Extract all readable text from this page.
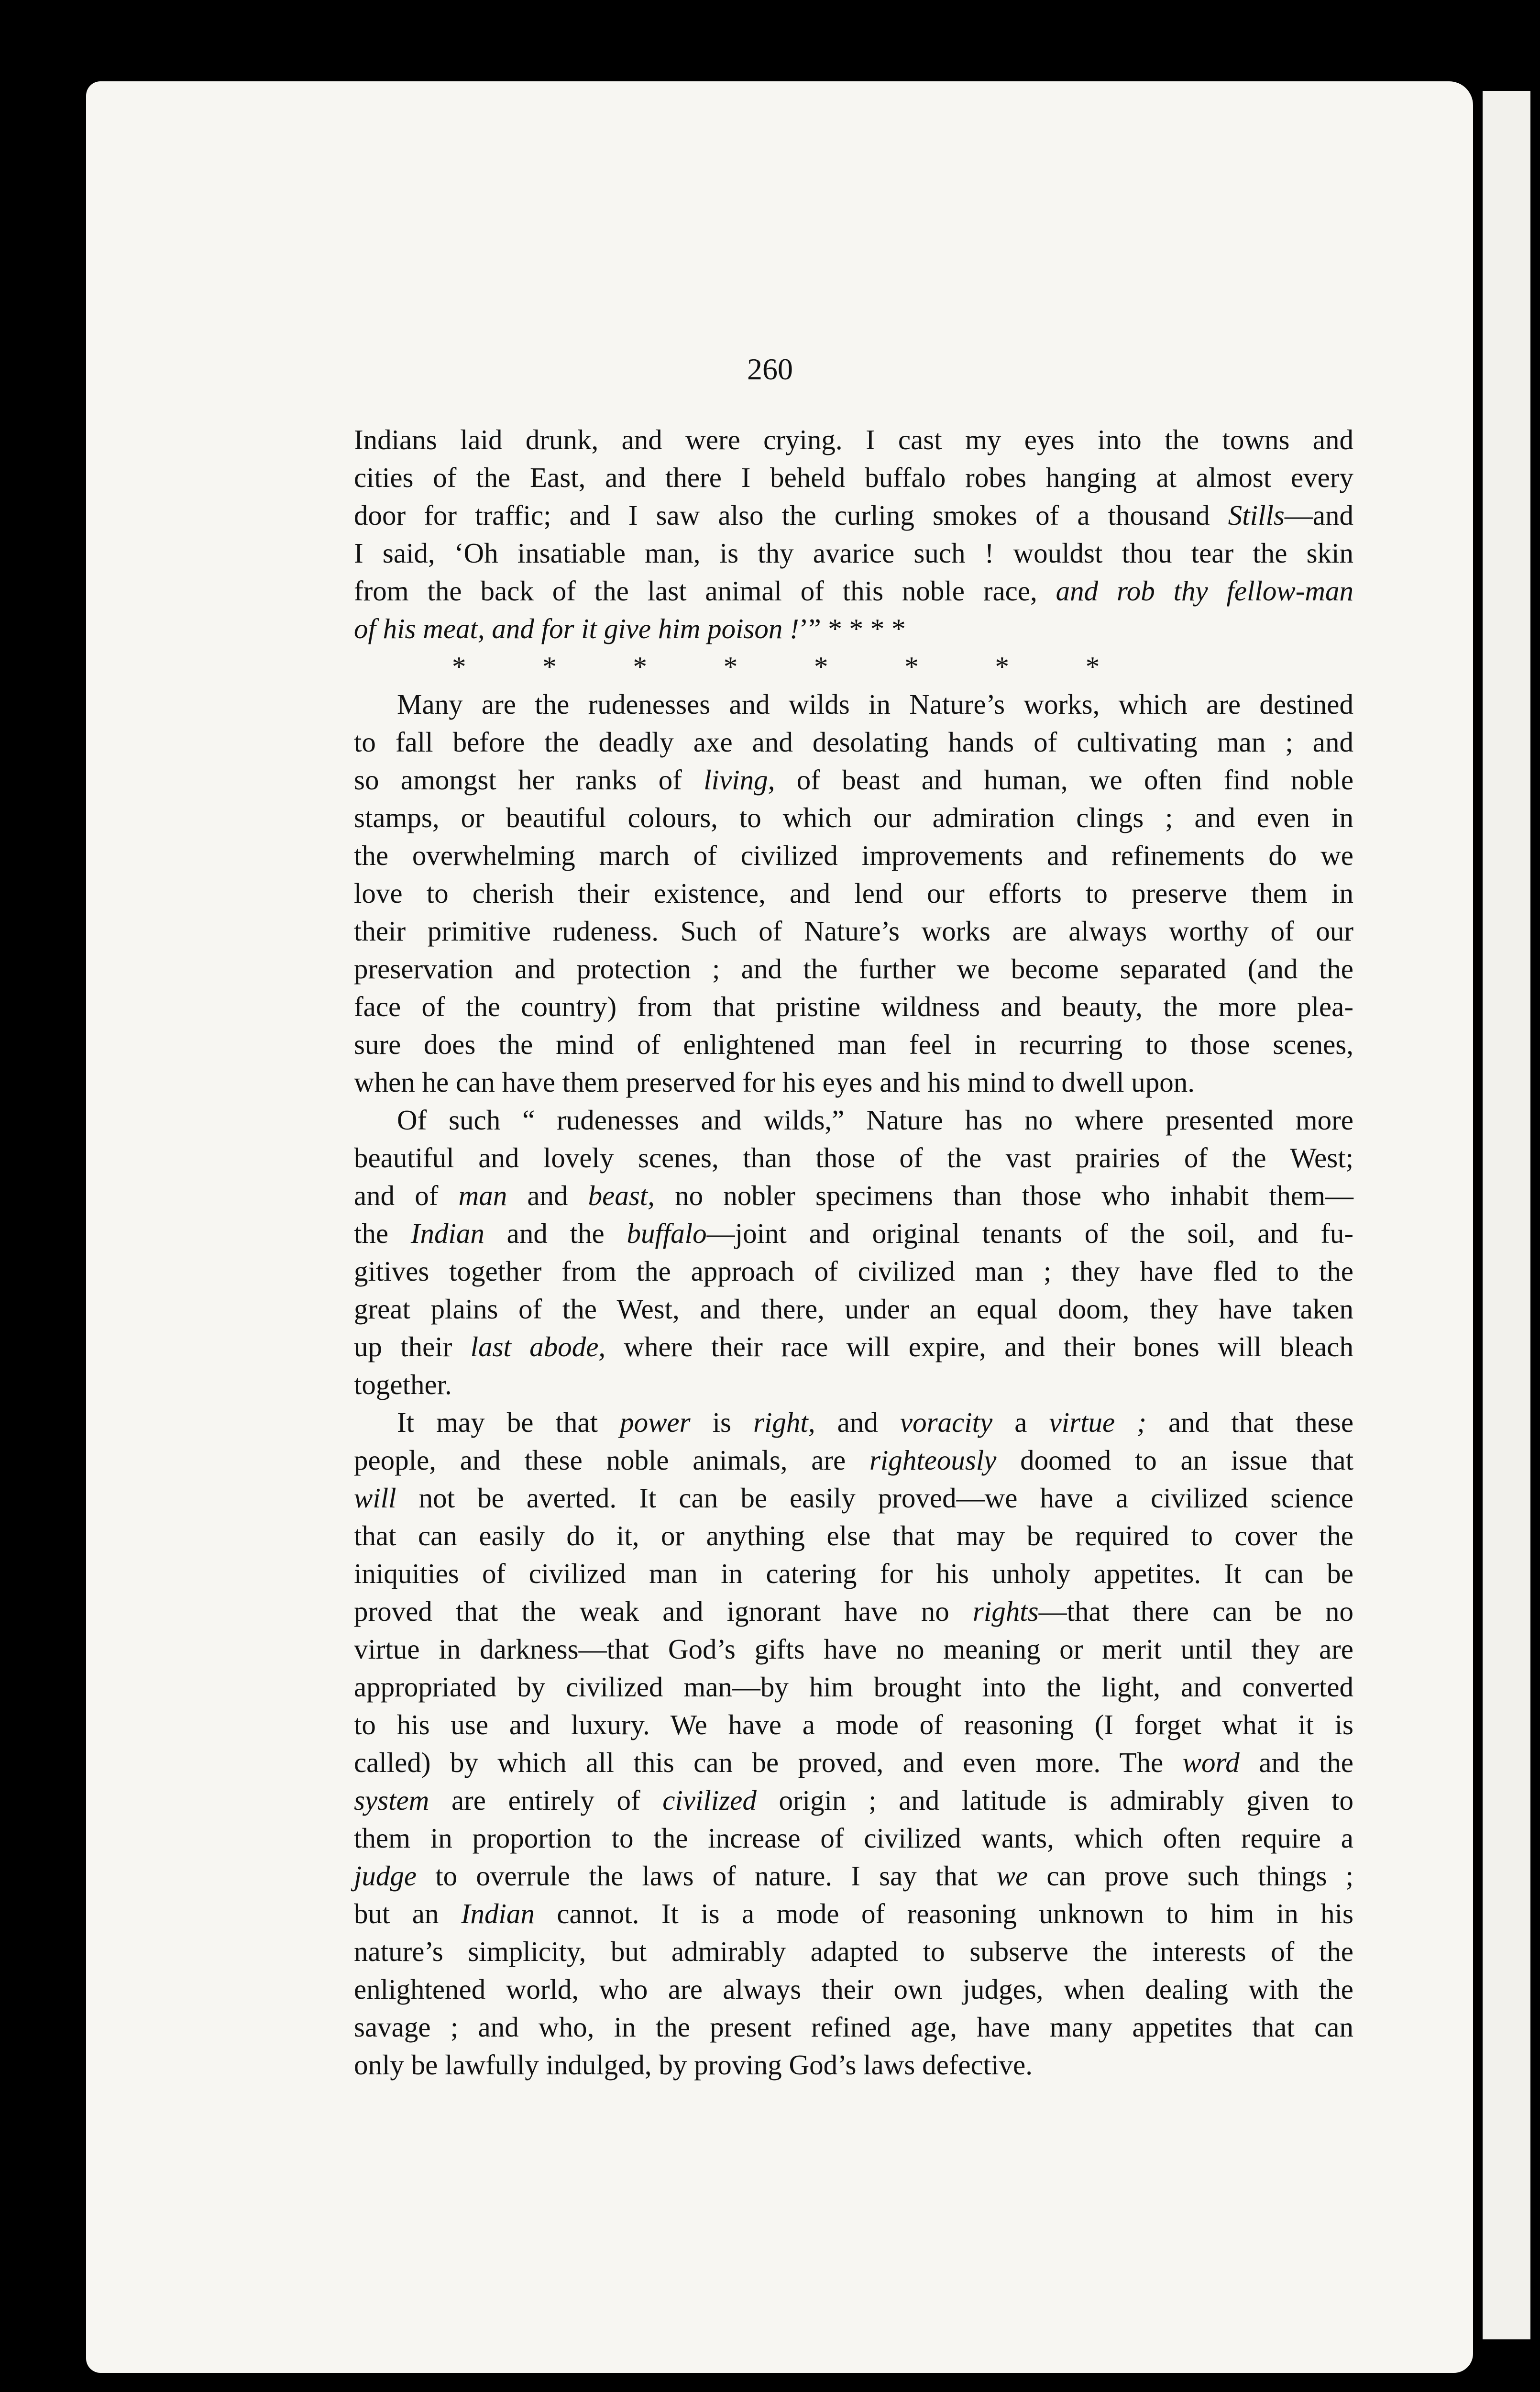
260
Indians laid drunk, and were crying. I cast my eyes into the towns and
cities of the East, and there I beheld buffalo robes hanging at almost every
door for traffic; and I saw also the curling smokes of a thousand Stills—and
I said, ‘Oh insatiable man, is thy avarice such ! wouldst thou tear the skin
from the back of the last animal of this noble race, and rob thy fellow-man
of his meat, and for it give him poison !’” * * * *
* * * * * * * *
Many are the rudenesses and wilds in Nature’s works, which are destined
to fall before the deadly axe and desolating hands of cultivating man ; and
so amongst her ranks of living, of beast and human, we often find noble
stamps, or beautiful colours, to which our admiration clings ; and even in
the overwhelming march of civilized improvements and refinements do we
love to cherish their existence, and lend our efforts to preserve them in
their primitive rudeness. Such of Nature’s works are always worthy of our
preservation and protection ; and the further we become separated (and the
face of the country) from that pristine wildness and beauty, the more plea-
sure does the mind of enlightened man feel in recurring to those scenes,
when he can have them preserved for his eyes and his mind to dwell upon.
Of such “ rudenesses and wilds,” Nature has no where presented more
beautiful and lovely scenes, than those of the vast prairies of the West;
and of man and beast, no nobler specimens than those who inhabit them—
the Indian and the buffalo—joint and original tenants of the soil, and fu-
gitives together from the approach of civilized man ; they have fled to the
great plains of the West, and there, under an equal doom, they have taken
up their last abode, where their race will expire, and their bones will bleach
together.
It may be that power is right, and voracity a virtue ; and that these
people, and these noble animals, are righteously doomed to an issue that
will not be averted. It can be easily proved—we have a civilized science
that can easily do it, or anything else that may be required to cover the
iniquities of civilized man in catering for his unholy appetites. It can be
proved that the weak and ignorant have no rights—that there can be no
virtue in darkness—that God’s gifts have no meaning or merit until they are
appropriated by civilized man—by him brought into the light, and converted
to his use and luxury. We have a mode of reasoning (I forget what it is
called) by which all this can be proved, and even more. The word and the
system are entirely of civilized origin ; and latitude is admirably given to
them in proportion to the increase of civilized wants, which often require a
judge to overrule the laws of nature. I say that we can prove such things ;
but an Indian cannot. It is a mode of reasoning unknown to him in his
nature’s simplicity, but admirably adapted to subserve the interests of the
enlightened world, who are always their own judges, when dealing with the
savage ; and who, in the present refined age, have many appetites that can
only be lawfully indulged, by proving God’s laws defective.
